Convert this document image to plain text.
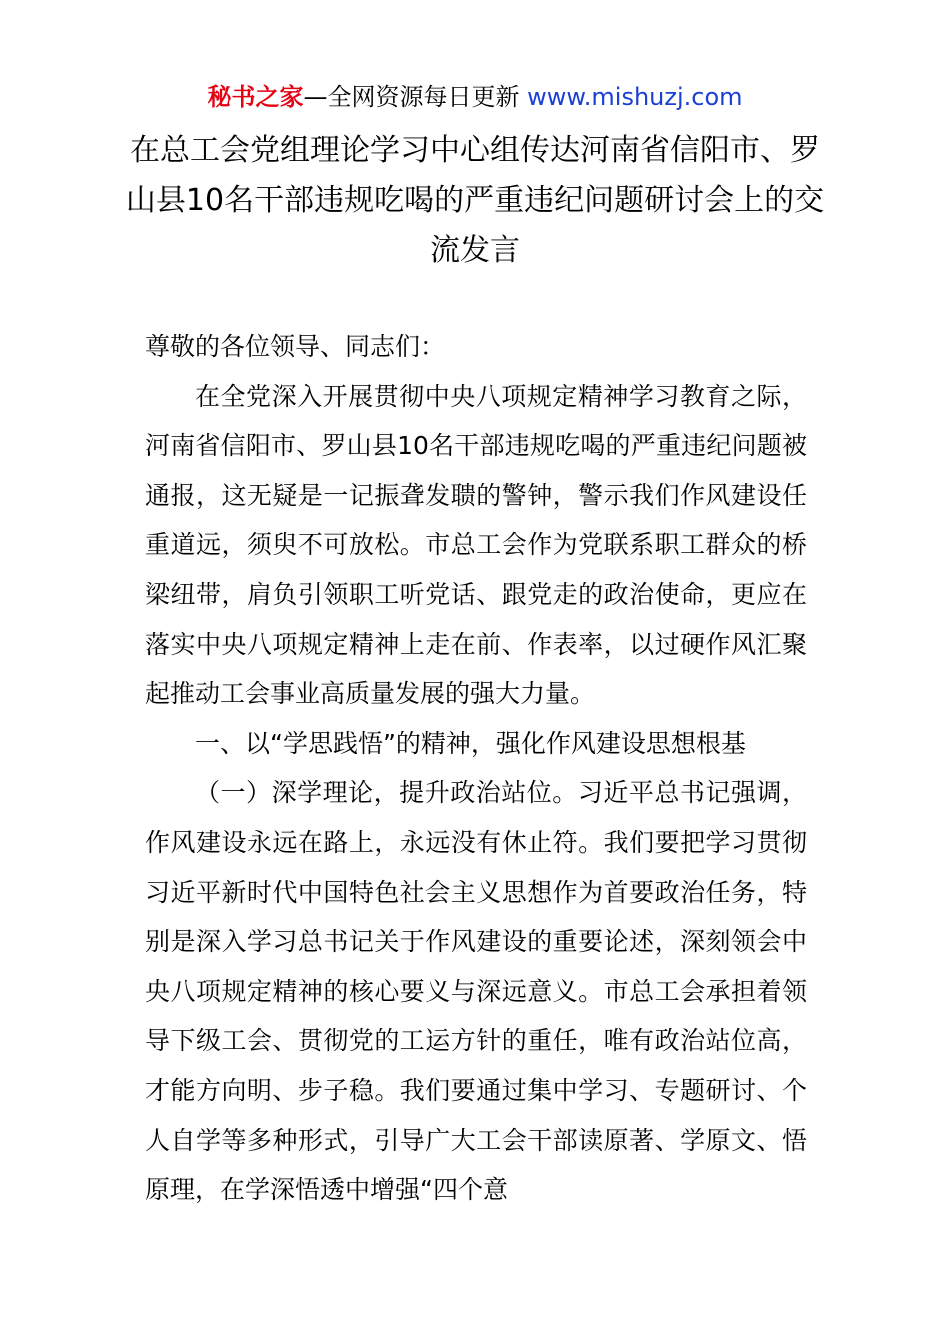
秘书之家—全网资源每日更新 www.mishuzj.com
在总工会党组理论学习中心组传达河南省信阳市、罗山县10名干部违规吃喝的严重违纪问题研讨会上的交流发言

尊敬的各位领导、同志们：

在全党深入开展贯彻中央八项规定精神学习教育之际，河南省信阳市、罗山县10名干部违规吃喝的严重违纪问题被通报，这无疑是一记振聋发聩的警钟，警示我们作风建设任重道远，须臾不可放松。市总工会作为党联系职工群众的桥梁纽带，肩负引领职工听党话、跟党走的政治使命，更应在落实中央八项规定精神上走在前、作表率，以过硬作风汇聚起推动工会事业高质量发展的强大力量。

一、以“学思践悟”的精神，强化作风建设思想根基

（一）深学理论，提升政治站位。习近平总书记强调，作风建设永远在路上，永远没有休止符。我们要把学习贯彻习近平新时代中国特色社会主义思想作为首要政治任务，特别是深入学习总书记关于作风建设的重要论述，深刻领会中央八项规定精神的核心要义与深远意义。市总工会承担着领导下级工会、贯彻党的工运方针的重任，唯有政治站位高，才能方向明、步子稳。我们要通过集中学习、专题研讨、个人自学等多种形式，引导广大工会干部读原著、学原文、悟原理，在学深悟透中增强“四个意
